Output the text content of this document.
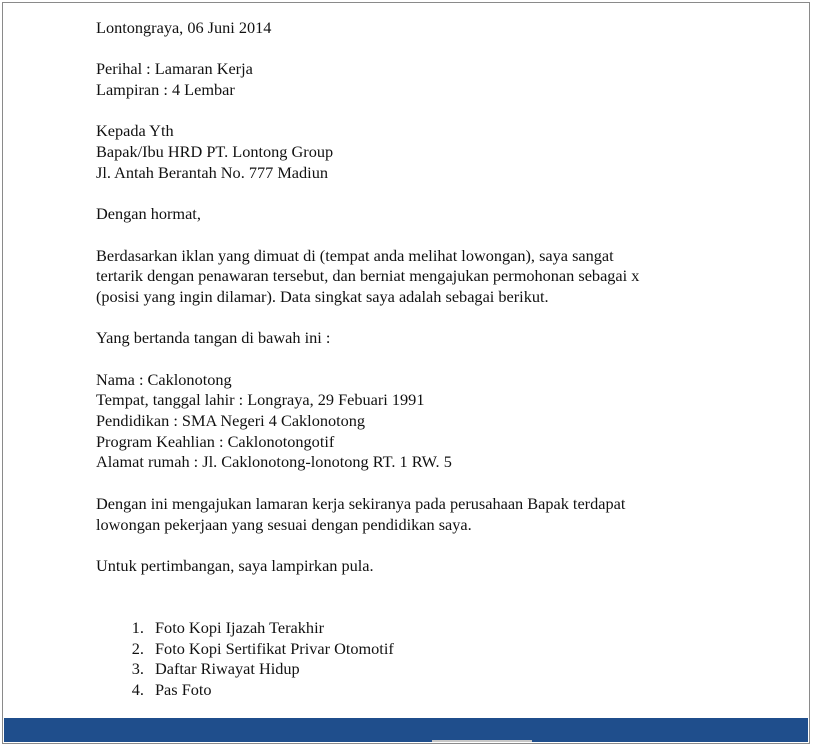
Lontongraya, 06 Juni 2014
Perihal : Lamaran Kerja
Lampiran : 4 Lembar
Kepada Yth
Bapak/Ibu HRD PT. Lontong Group
Jl. Antah Berantah No. 777 Madiun
Dengan hormat,
Berdasarkan iklan yang dimuat di (tempat anda melihat lowongan), saya sangat
tertarik dengan penawaran tersebut, dan berniat mengajukan permohonan sebagai x
(posisi yang ingin dilamar). Data singkat saya adalah sebagai berikut.
Yang bertanda tangan di bawah ini :
Nama : Caklonotong
Tempat, tanggal lahir : Longraya, 29 Febuari 1991
Pendidikan : SMA Negeri 4 Caklonotong
Program Keahlian : Caklonotongotif
Alamat rumah : Jl. Caklonotong-lonotong RT. 1 RW. 5
Dengan ini mengajukan lamaran kerja sekiranya pada perusahaan Bapak terdapat
lowongan pekerjaan yang sesuai dengan pendidikan saya.
Untuk pertimbangan, saya lampirkan pula.
1. Foto Kopi Ijazah Terakhir
2. Foto Kopi Sertifikat Privar Otomotif
3. Daftar Riwayat Hidup
4. Pas Foto
